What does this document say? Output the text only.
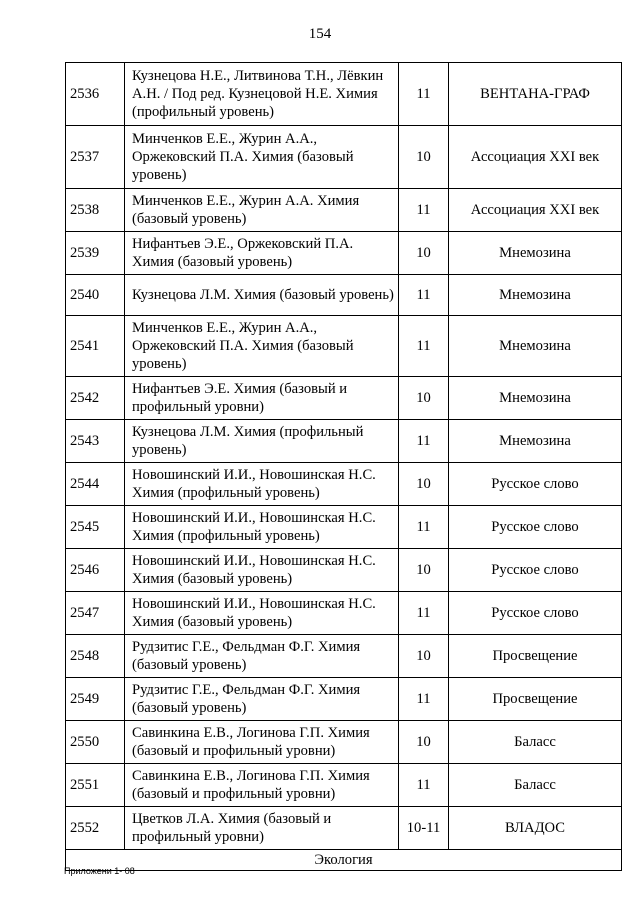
154
2536	Кузнецова Н.Е., Литвинова Т.Н., Лёвкин А.Н. / Под ред. Кузнецовой Н.Е. Химия (профильный уровень)	11	ВЕНТАНА-ГРАФ
2537	Минченков Е.Е., Журин А.А., Оржековский П.А. Химия (базовый уровень)	10	Ассоциация XXI век
2538	Минченков Е.Е., Журин А.А. Химия (базовый уровень)	11	Ассоциация XXI век
2539	Нифантьев Э.Е., Оржековский П.А. Химия (базовый уровень)	10	Мнемозина
2540	Кузнецова Л.М. Химия (базовый уровень)	11	Мнемозина
2541	Минченков Е.Е., Журин А.А., Оржековский П.А. Химия (базовый уровень)	11	Мнемозина
2542	Нифантьев Э.Е. Химия (базовый и профильный уровни)	10	Мнемозина
2543	Кузнецова Л.М. Химия (профильный уровень)	11	Мнемозина
2544	Новошинский И.И., Новошинская Н.С. Химия (профильный уровень)	10	Русское слово
2545	Новошинский И.И., Новошинская Н.С. Химия (профильный уровень)	11	Русское слово
2546	Новошинский И.И., Новошинская Н.С. Химия (базовый уровень)	10	Русское слово
2547	Новошинский И.И., Новошинская Н.С. Химия (базовый уровень)	11	Русское слово
2548	Рудзитис Г.Е., Фельдман Ф.Г. Химия (базовый уровень)	10	Просвещение
2549	Рудзитис Г.Е., Фельдман Ф.Г. Химия (базовый уровень)	11	Просвещение
2550	Савинкина Е.В., Логинова Г.П. Химия (базовый и профильный уровни)	10	Баласс
2551	Савинкина Е.В., Логинова Г.П. Химия (базовый и профильный уровни)	11	Баласс
2552	Цветков Л.А. Химия (базовый и профильный уровни)	10-11	ВЛАДОС
Экология			
Приложени 1- 08
